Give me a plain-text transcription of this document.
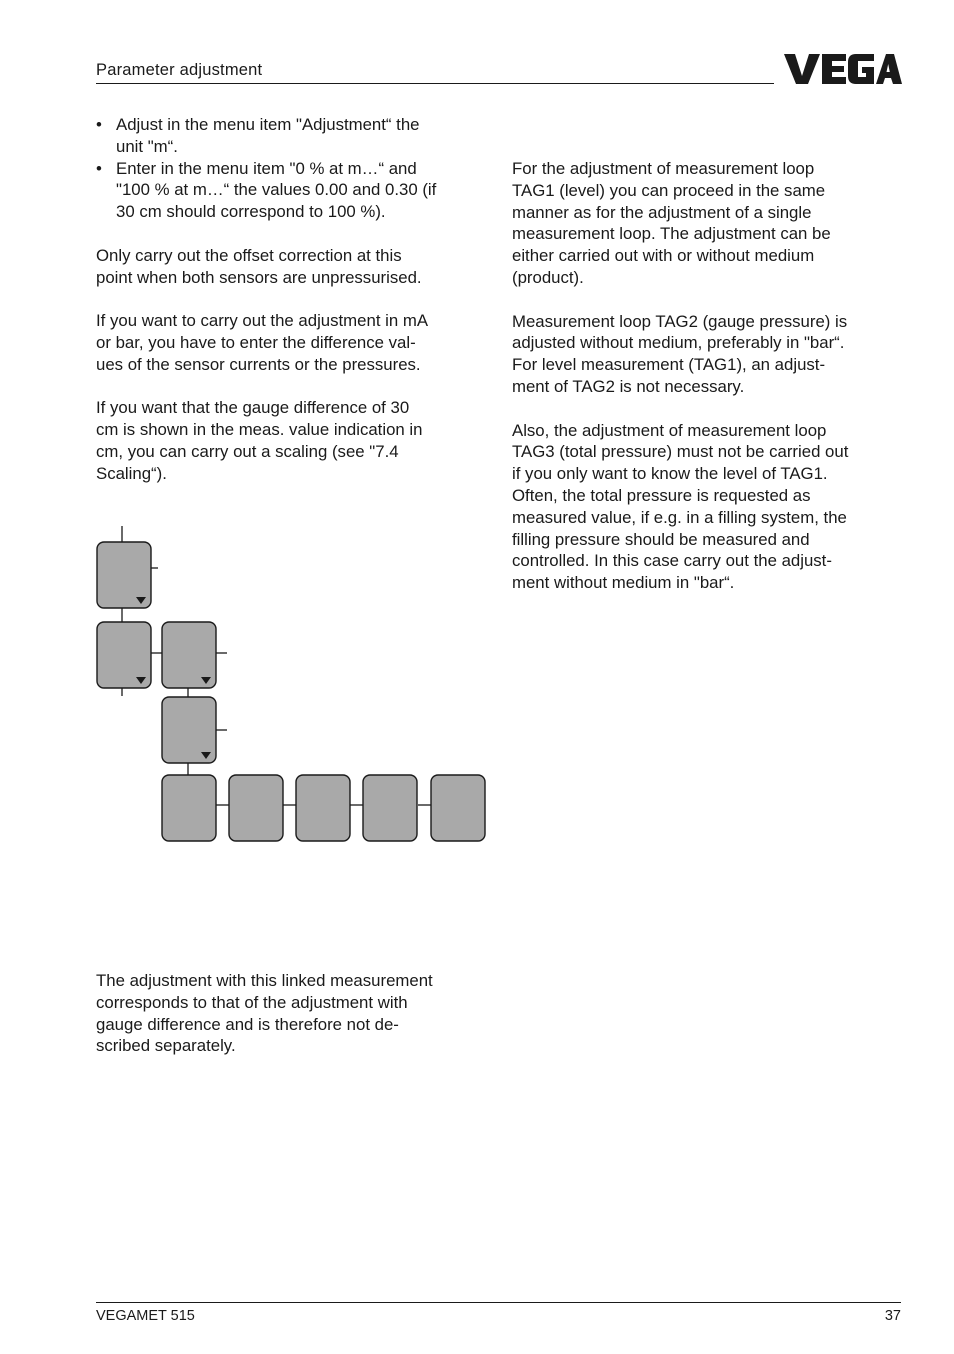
Parameter adjustment
• Adjust in the menu item "Adjustment“ the
unit "m“.
• Enter in the menu item "0 % at m…“ and
"100 % at m…“ the values 0.00 and 0.30 (if
30 cm should correspond to 100 %).

Only carry out the offset correction at this
point when both sensors are unpressurised.

If you want to carry out the adjustment in mA
or bar, you have to enter the difference val-
ues of the sensor currents or the pressures.

If you want that the gauge difference of 30
cm is shown in the meas. value indication in
cm, you can carry out a scaling (see "7.4
Scaling“).

The adjustment with this linked measurement
corresponds to that of the adjustment with
gauge difference and is therefore not de-
scribed separately.

For the adjustment of measurement loop
TAG1 (level) you can proceed in the same
manner as for the adjustment of a single
measurement loop. The adjustment can be
either carried out with or without medium
(product).

Measurement loop TAG2 (gauge pressure) is
adjusted without medium, preferably in "bar“.
For level measurement (TAG1), an adjust-
ment of TAG2 is not necessary.

Also, the adjustment of measurement loop
TAG3 (total pressure) must not be carried out
if you only want to know the level of TAG1.
Often, the total pressure is requested as
measured value, if e.g. in a filling system, the
filling pressure should be measured and
controlled. In this case carry out the adjust-
ment without medium in "bar“.

VEGAMET 515	37
